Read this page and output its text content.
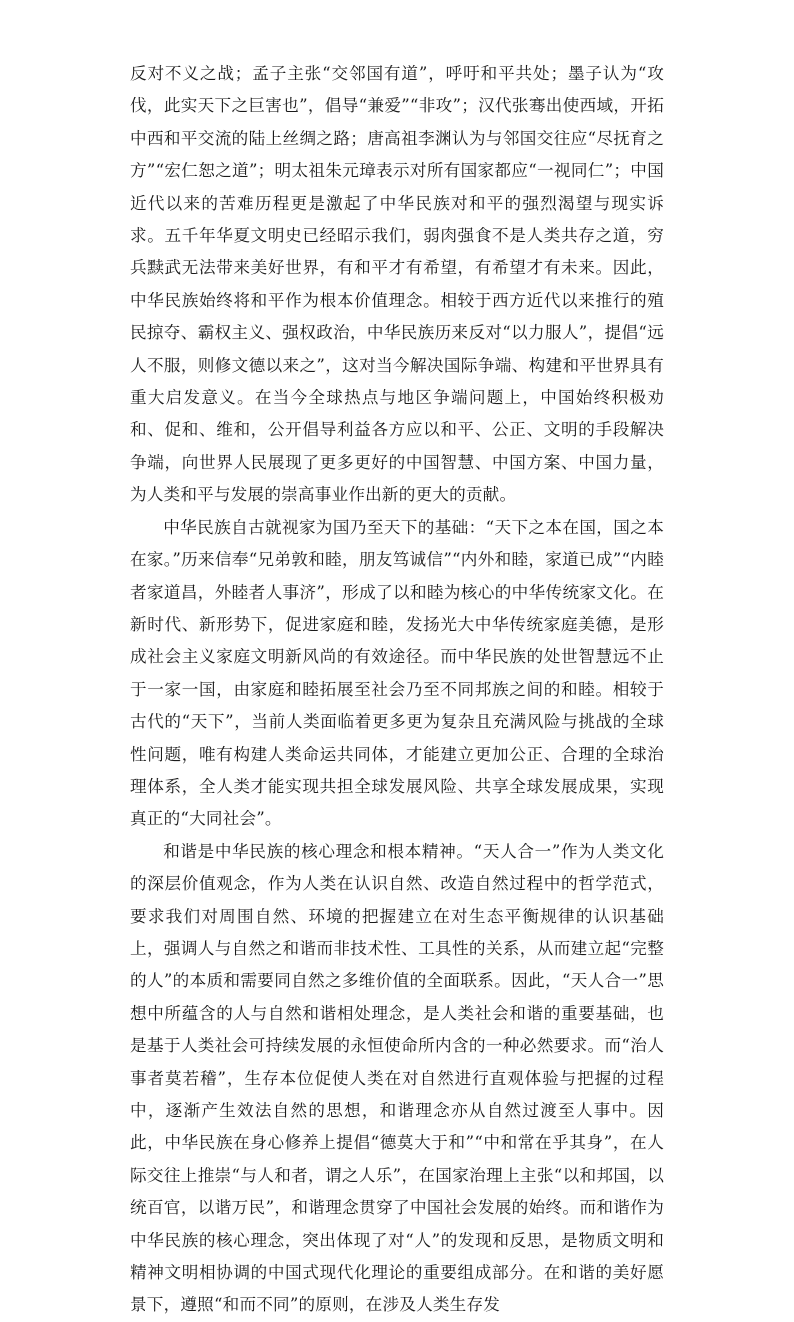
反对不义之战；孟子主张“交邻国有道”，呼吁和平共处；墨子认为“攻伐，此实天下之巨害也”，倡导“兼爱”“非攻”；汉代张骞出使西域，开拓中西和平交流的陆上丝绸之路；唐高祖李渊认为与邻国交往应“尽抚育之方”“宏仁恕之道”；明太祖朱元璋表示对所有国家都应“一视同仁”；中国近代以来的苦难历程更是激起了中华民族对和平的强烈渴望与现实诉求。五千年华夏文明史已经昭示我们，弱肉强食不是人类共存之道，穷兵黩武无法带来美好世界，有和平才有希望，有希望才有未来。因此，中华民族始终将和平作为根本价值理念。相较于西方近代以来推行的殖民掠夺、霸权主义、强权政治，中华民族历来反对“以力服人”，提倡“远人不服，则修文德以来之”，这对当今解决国际争端、构建和平世界具有重大启发意义。在当今全球热点与地区争端问题上，中国始终积极劝和、促和、维和，公开倡导利益各方应以和平、公正、文明的手段解决争端，向世界人民展现了更多更好的中国智慧、中国方案、中国力量，为人类和平与发展的崇高事业作出新的更大的贡献。

中华民族自古就视家为国乃至天下的基础：“天下之本在国，国之本在家。”历来信奉“兄弟敦和睦，朋友笃诚信”“内外和睦，家道已成”“内睦者家道昌，外睦者人事济”，形成了以和睦为核心的中华传统家文化。在新时代、新形势下，促进家庭和睦，发扬光大中华传统家庭美德，是形成社会主义家庭文明新风尚的有效途径。而中华民族的处世智慧远不止于一家一国，由家庭和睦拓展至社会乃至不同邦族之间的和睦。相较于古代的“天下”，当前人类面临着更多更为复杂且充满风险与挑战的全球性问题，唯有构建人类命运共同体，才能建立更加公正、合理的全球治理体系，全人类才能实现共担全球发展风险、共享全球发展成果，实现真正的“大同社会”。

和谐是中华民族的核心理念和根本精神。“天人合一”作为人类文化的深层价值观念，作为人类在认识自然、改造自然过程中的哲学范式，要求我们对周围自然、环境的把握建立在对生态平衡规律的认识基础上，强调人与自然之和谐而非技术性、工具性的关系，从而建立起“完整的人”的本质和需要同自然之多维价值的全面联系。因此，“天人合一”思想中所蕴含的人与自然和谐相处理念，是人类社会和谐的重要基础，也是基于人类社会可持续发展的永恒使命所内含的一种必然要求。而“治人事者莫若稽”，生存本位促使人类在对自然进行直观体验与把握的过程中，逐渐产生效法自然的思想，和谐理念亦从自然过渡至人事中。因此，中华民族在身心修养上提倡“德莫大于和”“中和常在乎其身”，在人际交往上推崇“与人和者，谓之人乐”，在国家治理上主张“以和邦国，以统百官，以谐万民”，和谐理念贯穿了中国社会发展的始终。而和谐作为中华民族的核心理念，突出体现了对“人”的发现和反思，是物质文明和精神文明相协调的中国式现代化理论的重要组成部分。在和谐的美好愿景下，遵照“和而不同”的原则，在涉及人类生存发
